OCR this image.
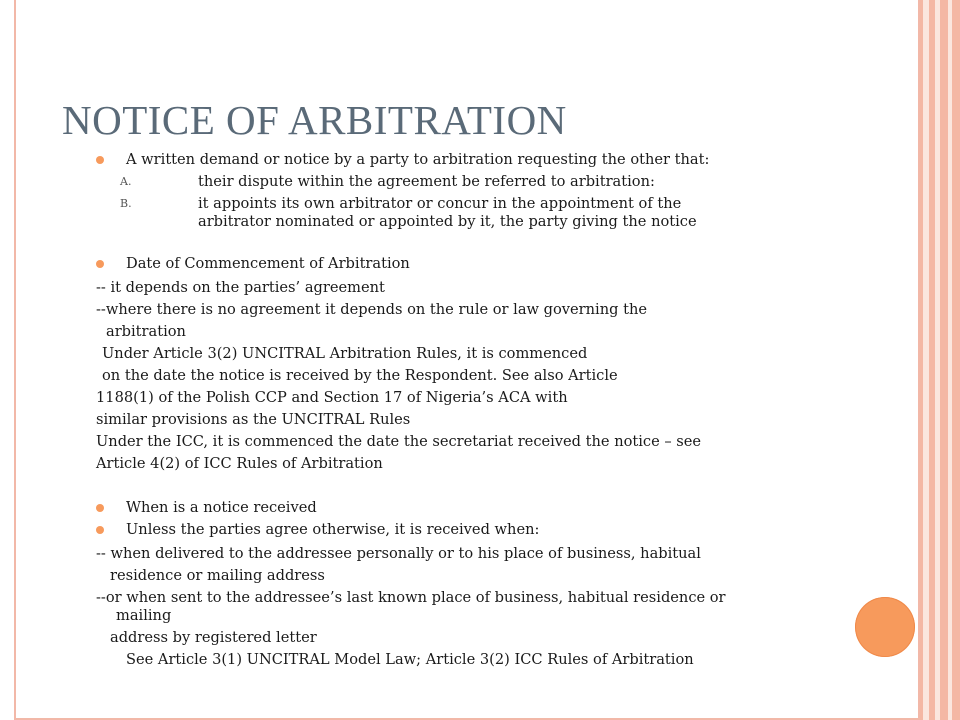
NOTICE OF ARBITRATION
A written demand or notice by a party to arbitration requesting the other that:
A.	their dispute within the agreement be referred to arbitration:
B.	it appoints its own arbitrator or concur in the appointment of the
arbitrator nominated or appointed by it, the party giving the notice
Date of Commencement of Arbitration
-- it depends on the parties’ agreement
--where there is no agreement it depends on the rule or law governing the
arbitration
Under Article 3(2) UNCITRAL Arbitration Rules, it is commenced
on the date the notice is received by the Respondent. See also Article
1188(1) of the Polish CCP and Section 17 of Nigeria’s ACA with
similar provisions as the UNCITRAL Rules
Under the ICC, it is commenced the date the secretariat received the notice – see
Article 4(2) of ICC Rules of Arbitration
When is a notice received
Unless the parties agree otherwise, it is received when:
-- when delivered to the addressee personally or to his place of business, habitual
residence or mailing address
--or when sent to the addressee’s last known place of business, habitual residence or
mailing
address by registered letter
See Article 3(1) UNCITRAL Model Law; Article 3(2) ICC Rules of Arbitration
